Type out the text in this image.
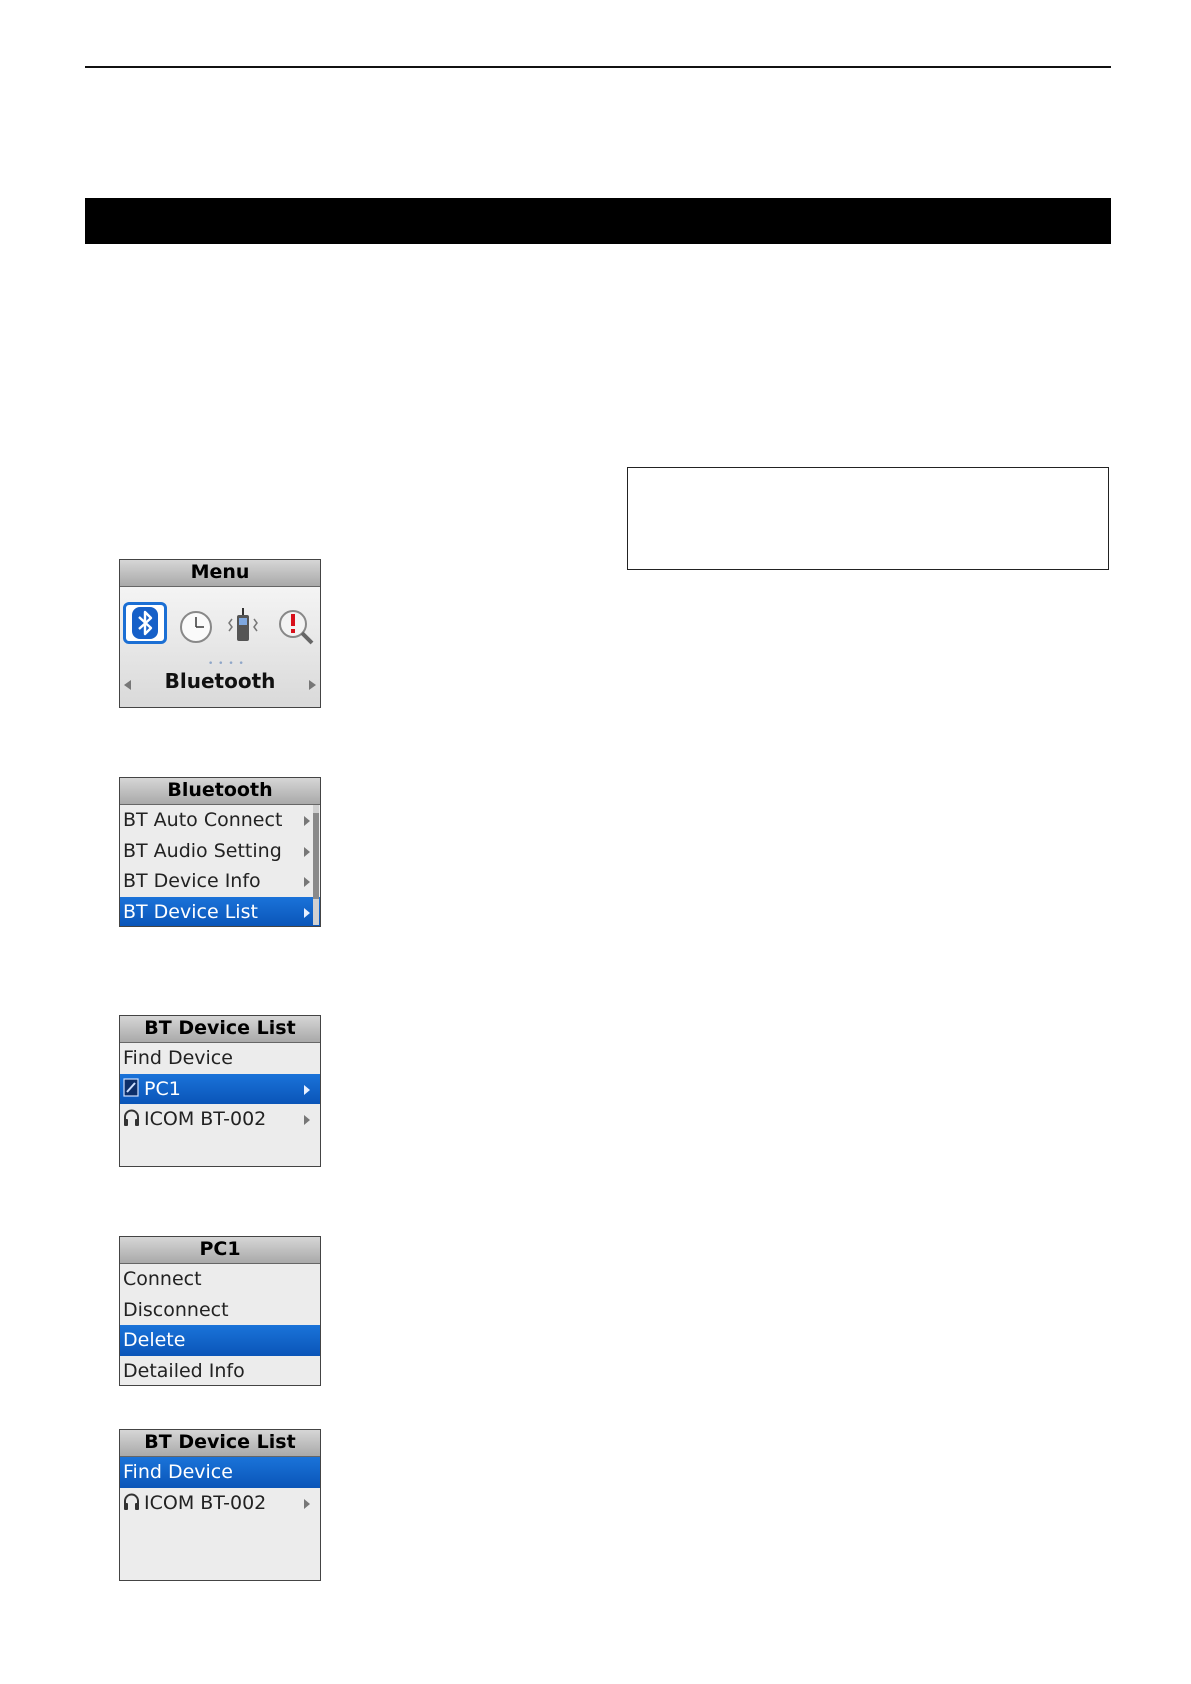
Menu
• • • •
Bluetooth
Bluetooth
BT Auto Connect
BT Audio Setting
BT Device Info
BT Device List
BT Device List
Find Device
PC1
ICOM BT-002
PC1
Connect
Disconnect
Delete
Detailed Info
BT Device List
Find Device
ICOM BT-002
